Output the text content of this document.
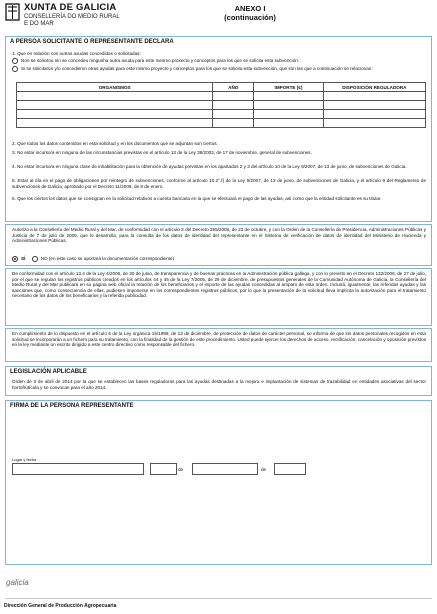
XUNTA DE GALICIA
CONSELLERÍA DO MEDIO RURAL
E DO MAR
ANEXO I
(continuación)
A PERSOA SOLICITANTE O REPRESENTANTE DECLARA
1. Que en relación con outras axudas concedidas o solicitadas:
Non se solicitou nin se concedeu ningunha outra axuda para este mesmo proxecto y conceptos para los que se solicita esta subvención.
Si se solicitaron y/o concedieron otras ayudas para este mismo proyecto y conceptos para los que se solicita esta subvención, que son las que a continuación se relacionan:
ORGANISMOS	AÑO	IMPORTE (€)	DISPOSICIÓN REGULADORA

2. Que todos los datos contenidos en esta solicitud y en los documentos que se adjuntan son ciertos.
3. No estar incurso/a en ninguna de las circunstancias previstas en el artículo 13 de la Ley 38/2003, de 17 de noviembre, general de subvenciones.
4. No estar incurso/a en ninguna clase de inhabilitación para la obtención de ayudas previstas en los apartados 2 y 3 del artículo 10 de la Ley 9/2007, de 13 de junio, de subvenciones de Galicia.
5. Estar al día en el pago de obligaciones por reintegro de subvenciones, conforme al artículo 10.2°.f) de la Ley 9/2007, de 13 de junio, de subvenciones de Galicia, y el artículo 9 del Reglamento de subvenciones de Galicia, aprobado por el Decreto 11/2009, de 8 de enero.
6. Que los ciertos los datos que se consignan en la solicitud relativos a cuenta bancaria en la que se efectuará el pago de las ayudas, así como que la entidad solicitante es su titular.
Autorizo a la Consellería del Medio Rural y del Mar, de conformidad con el artículo 2 del Decreto 255/2008, de 23 de octubre, y con la Orden de la Consellería de Presidencia, Administraciones Públicas y Justicia de 7 de julio de 2009, que lo desarrolla, para la consulta de los datos de identidad del representante en el Sistema de verificación de datos de identidad del Ministerio de Hacienda y Administraciones Públicas.
SÍ	NO (en este caso se aportará la documentación correspondiente)
De conformidad con el artículo 13.4 de la Ley 4/2006, de 30 de junio, de transparencia y de buenas prácticas en la Administración pública gallega, y con lo previsto en el Decreto 132/2006, de 27 de julio, por el que se regulan los registros públicos creados en los artículos 44 y 45 de la Ley 7/2005, de 29 de diciembre, de presupuestos generales de la Comunidad Autónoma de Galicia, la Consellería del Medio Rural y del Mar publicará en su página web oficial la relación de los beneficiarios y el importe de las ayudas concedidas al amparo de esta orden. Incluirá, igualmente, las referidas ayudas y las sanciones que, como consecuencia de ellas, pudiesen imponerse en los correspondientes registros públicos, por lo que la presentación de la solicitud lleva implícita la autorización para el tratamiento necesario de los datos de los beneficiarios y la referida publicidad.
En cumplimiento de lo dispuesto en el artículo 5 de la Ley orgánica 15/1999, de 13 de diciembre, de protección de datos de carácter personal, se informa de que los datos personales recogidos en esta solicitud se incorporarán a un fichero para su tratamiento, con la finalidad de la gestión de este procedimiento. Usted puede ejercer los derechos de acceso, rectificación, cancelación y oposición previstos en la ley mediante un escrito dirigido a este centro directivo como responsable del fichero.
LEGISLACIÓN APLICABLE
Orden de 3 de abril de 2014 por la que se establecen las bases reguladoras para las ayudas destinadas a la mejora e implantación de sistemas de trazabilidad en entidades asociativas del sector hortofrutícola y se convocan para el año 2014.
FIRMA DE LA PERSONA REPRESENTANTE
Lugar y fecha
,	de	de
galicia
Dirección General de Producción Agropecuaria
